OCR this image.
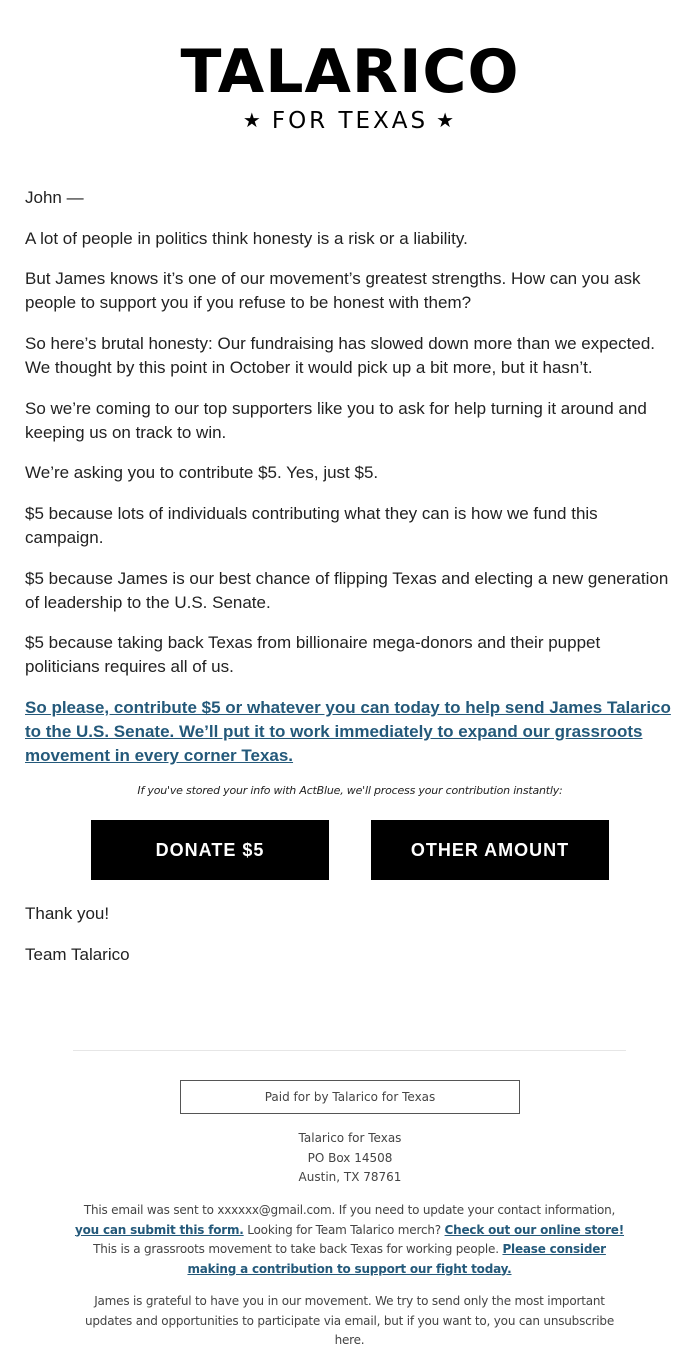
TALARICO
★ FOR TEXAS ★

John —

A lot of people in politics think honesty is a risk or a liability.

But James knows it’s one of our movement’s greatest strengths. How can you ask people to support you if you refuse to be honest with them?

So here’s brutal honesty: Our fundraising has slowed down more than we expected. We thought by this point in October it would pick up a bit more, but it hasn’t.

So we’re coming to our top supporters like you to ask for help turning it around and keeping us on track to win.

We’re asking you to contribute $5. Yes, just $5.

$5 because lots of individuals contributing what they can is how we fund this campaign.

$5 because James is our best chance of flipping Texas and electing a new generation of leadership to the U.S. Senate.

$5 because taking back Texas from billionaire mega-donors and their puppet politicians requires all of us.

So please, contribute $5 or whatever you can today to help send James Talarico to the U.S. Senate. We’ll put it to work immediately to expand our grassroots movement in every corner Texas.

If you've stored your info with ActBlue, we'll process your contribution instantly:
DONATE $5	OTHER AMOUNT

Thank you!

Team Talarico

Paid for by Talarico for Texas
Talarico for Texas
PO Box 14508
Austin, TX 78761
This email was sent to xxxxxx@gmail.com. If you need to update your contact information, you can submit this form. Looking for Team Talarico merch? Check out our online store! This is a grassroots movement to take back Texas for working people. Please consider making a contribution to support our fight today.
James is grateful to have you in our movement. We try to send only the most important updates and opportunities to participate via email, but if you want to, you can unsubscribe here.
